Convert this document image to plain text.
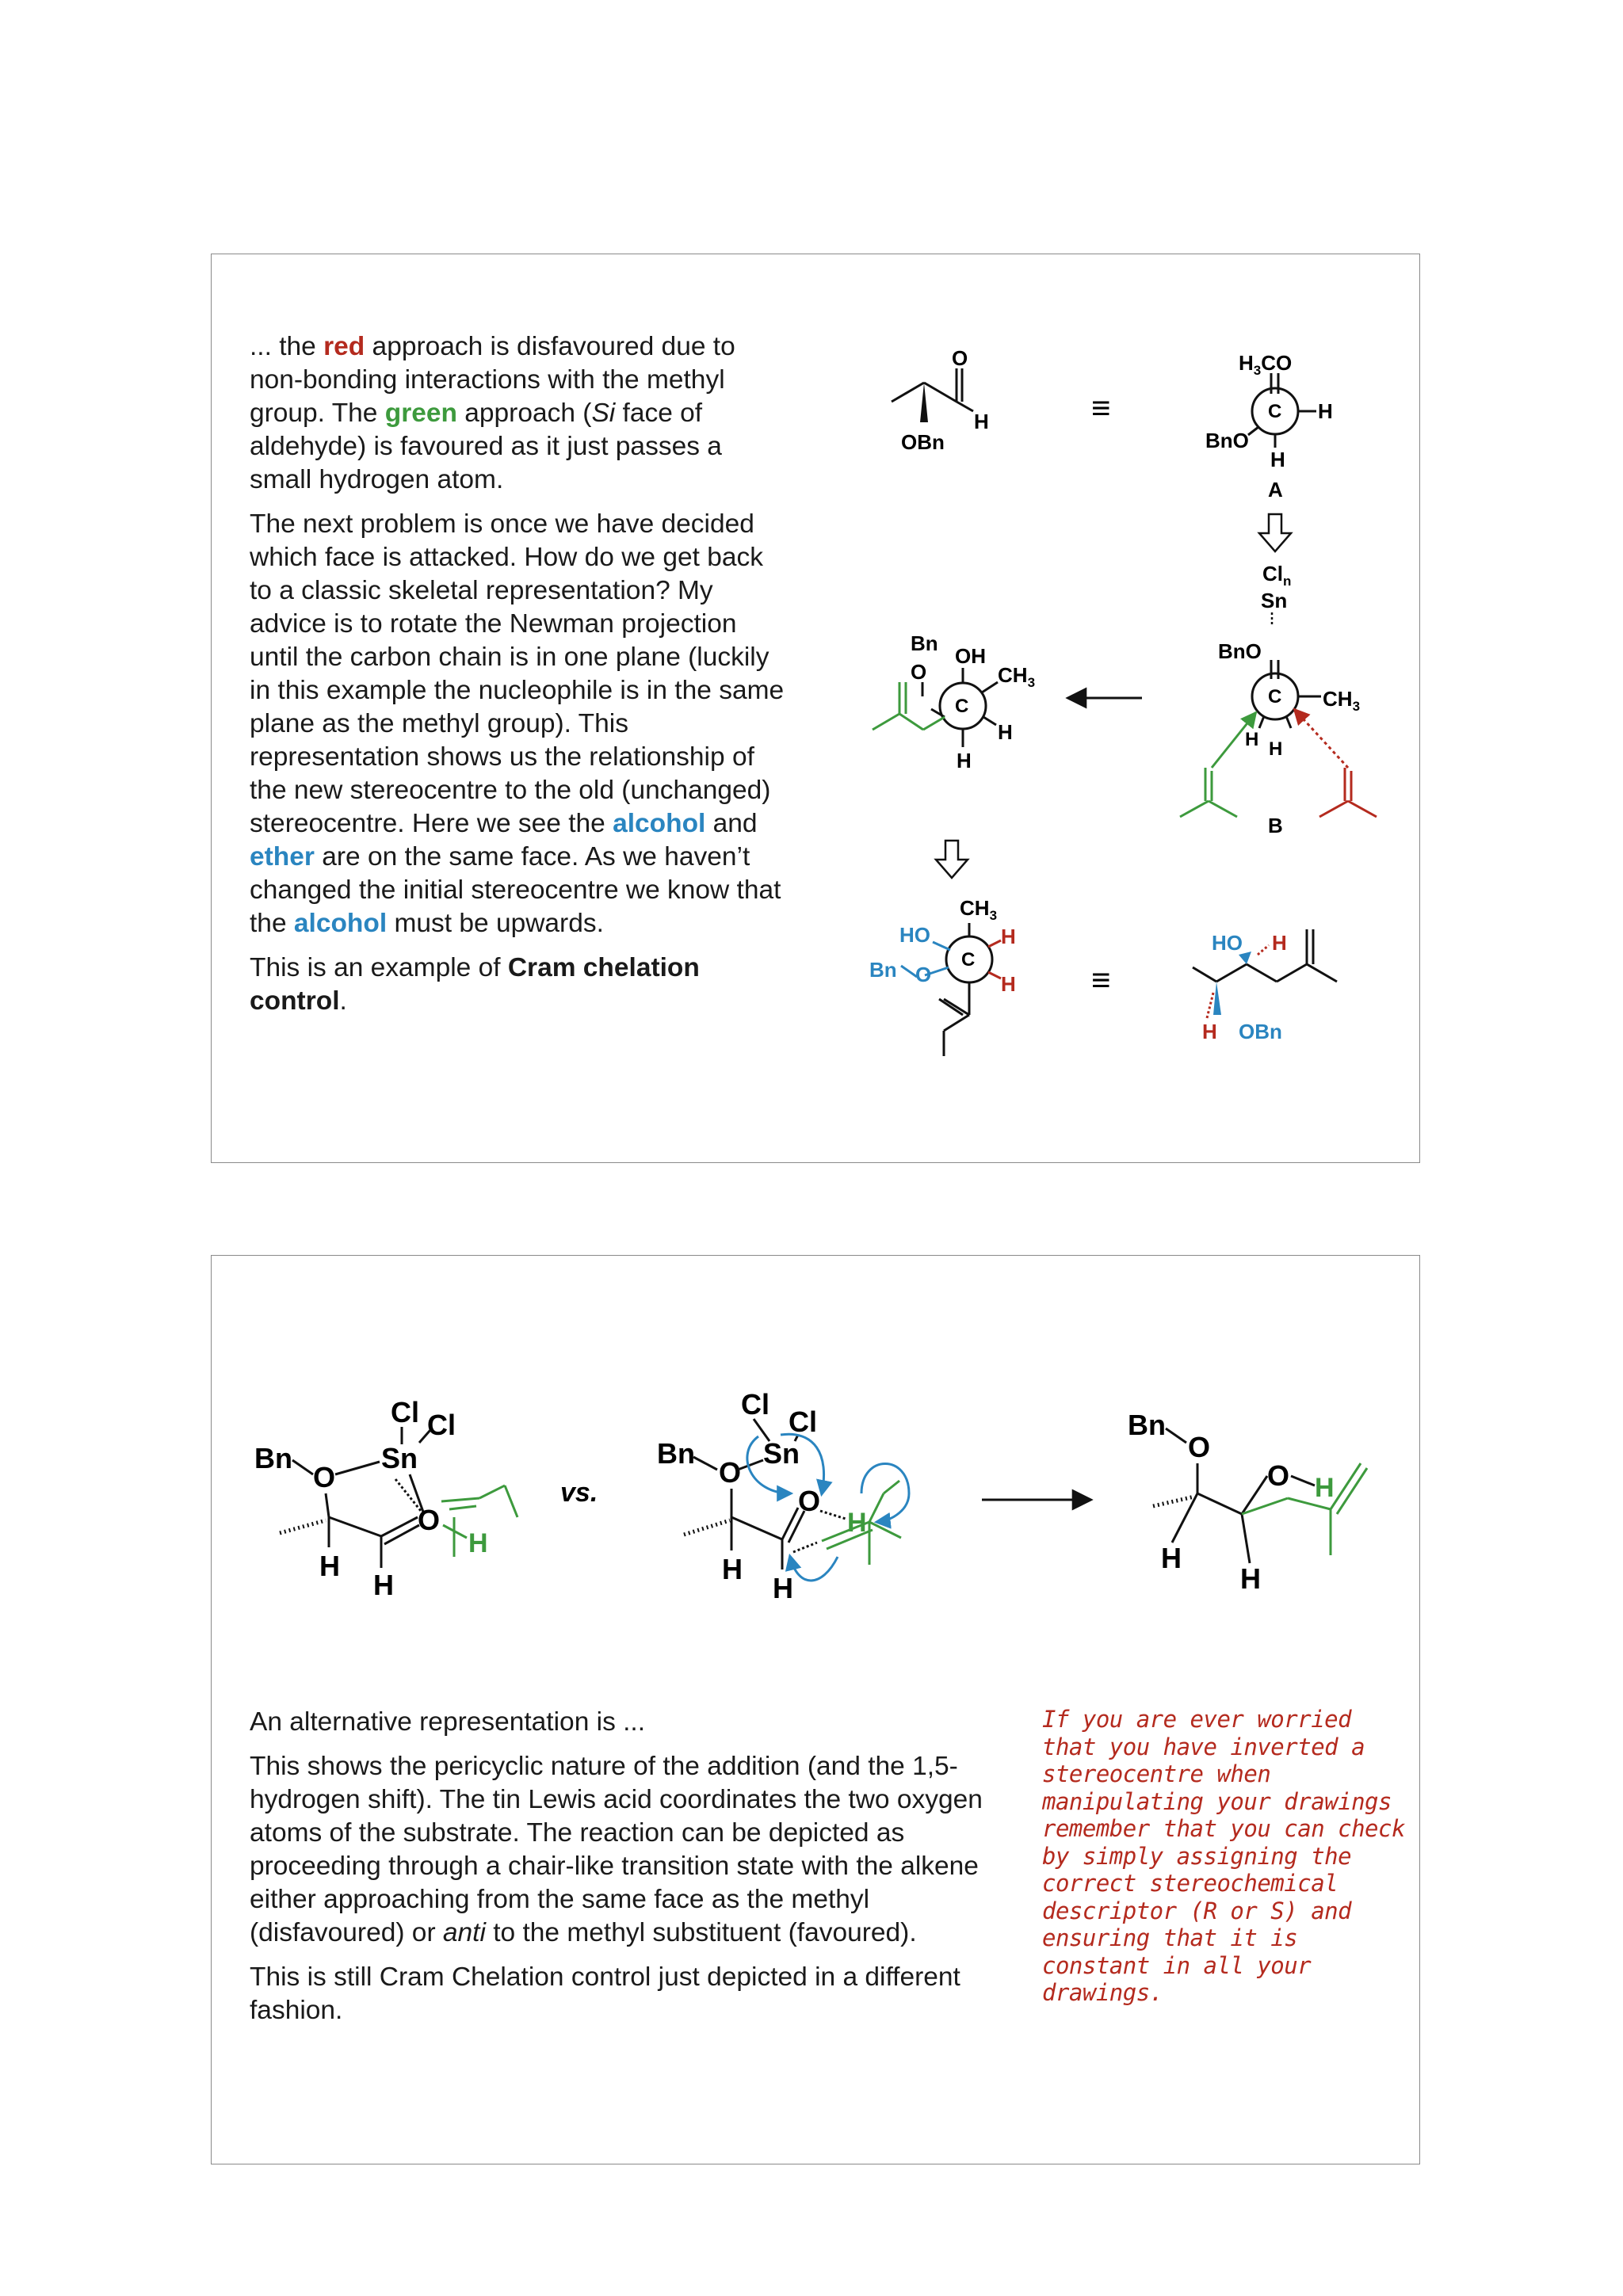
... the red approach is disfavoured due to non-bonding interactions with the methyl group. The green approach (Si face of aldehyde) is favoured as it just passes a small hydrogen atom.

The next problem is once we have decided which face is attacked. How do we get back to a classic skeletal representation? My advice is to rotate the Newman projection until the carbon chain is in one plane (luckily in this example the nucleophile is in the same plane as the methyl group). This representation shows us the relationship of the new stereocentre to the old (unchanged) stereocentre. Here we see the alcohol and ether are on the same face. As we haven’t changed the initial stereocentre we know that the alcohol must be upwards.

This is an example of Cram chelation control.

O
H
OBn
≡
$H_3CO$
C H
BnO
H
A
$Cl_n$
Sn
BnO
C $CH_3$
H H
B
Bn
O
OH
C
$CH_3$
H
H
$CH_3$
HO
Bn O
C
H
H ≡
HO H
H OBn
Cl Cl
Sn
Bn
O
O
H
H
H
vs.
Cl
Cl
Sn
Bn
O
O
H
H
H
Bn
O
O H
H
H

An alternative representation is ...

This shows the pericyclic nature of the addition (and the 1,5-hydrogen shift). The tin Lewis acid coordinates the two oxygen atoms of the substrate. The reaction can be depicted as proceeding through a chair-like transition state with the alkene either approaching from the same face as the methyl (disfavoured) or anti to the methyl substituent (favoured).

This is still Cram Chelation control just depicted in a different fashion.

If you are ever worried that you have inverted a stereocentre when manipulating your drawings remember that you can check by simply assigning the correct stereochemical descriptor (R or S) and ensuring that it is constant in all your drawings.
